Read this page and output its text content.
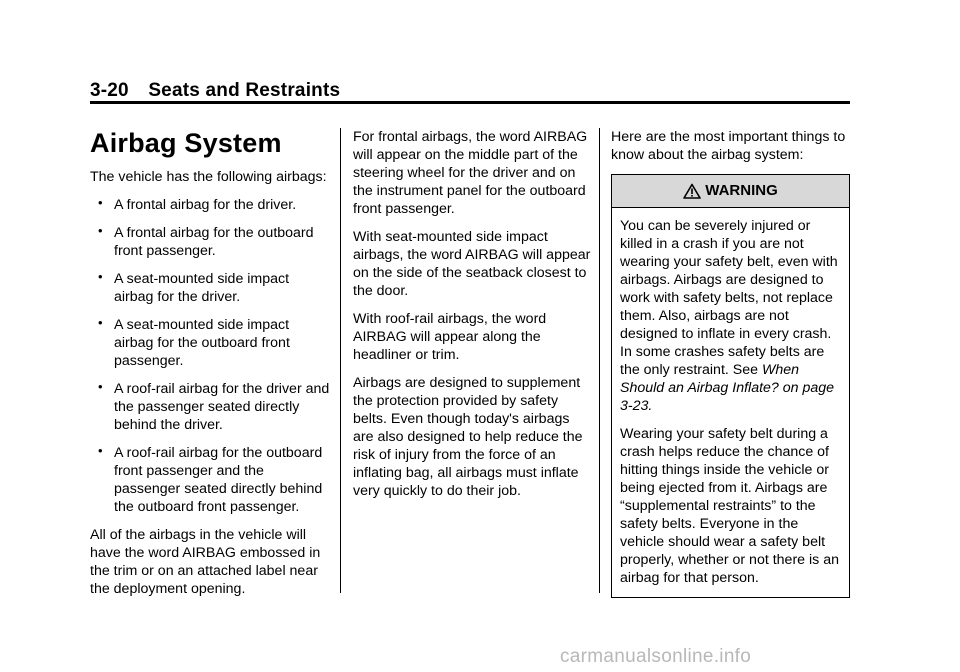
3-20 Seats and Restraints
Airbag System

The vehicle has the following airbags:

• A frontal airbag for the driver.
• A frontal airbag for the outboard front passenger.
• A seat-mounted side impact airbag for the driver.
• A seat-mounted side impact airbag for the outboard front passenger.
• A roof-rail airbag for the driver and the passenger seated directly behind the driver.
• A roof-rail airbag for the outboard front passenger and the passenger seated directly behind the outboard front passenger.

All of the airbags in the vehicle will have the word AIRBAG embossed in the trim or on an attached label near the deployment opening.

For frontal airbags, the word AIRBAG will appear on the middle part of the steering wheel for the driver and on the instrument panel for the outboard front passenger.

With seat-mounted side impact airbags, the word AIRBAG will appear on the side of the seatback closest to the door.

With roof-rail airbags, the word AIRBAG will appear along the headliner or trim.

Airbags are designed to supplement the protection provided by safety belts. Even though today's airbags are also designed to help reduce the risk of injury from the force of an inflating bag, all airbags must inflate very quickly to do their job.

Here are the most important things to know about the airbag system:

WARNING

You can be severely injured or killed in a crash if you are not wearing your safety belt, even with airbags. Airbags are designed to work with safety belts, not replace them. Also, airbags are not designed to inflate in every crash. In some crashes safety belts are the only restraint. See When Should an Airbag Inflate? on page 3-23.

Wearing your safety belt during a crash helps reduce the chance of hitting things inside the vehicle or being ejected from it. Airbags are “supplemental restraints” to the safety belts. Everyone in the vehicle should wear a safety belt properly, whether or not there is an airbag for that person.

carmanualsonline.info
